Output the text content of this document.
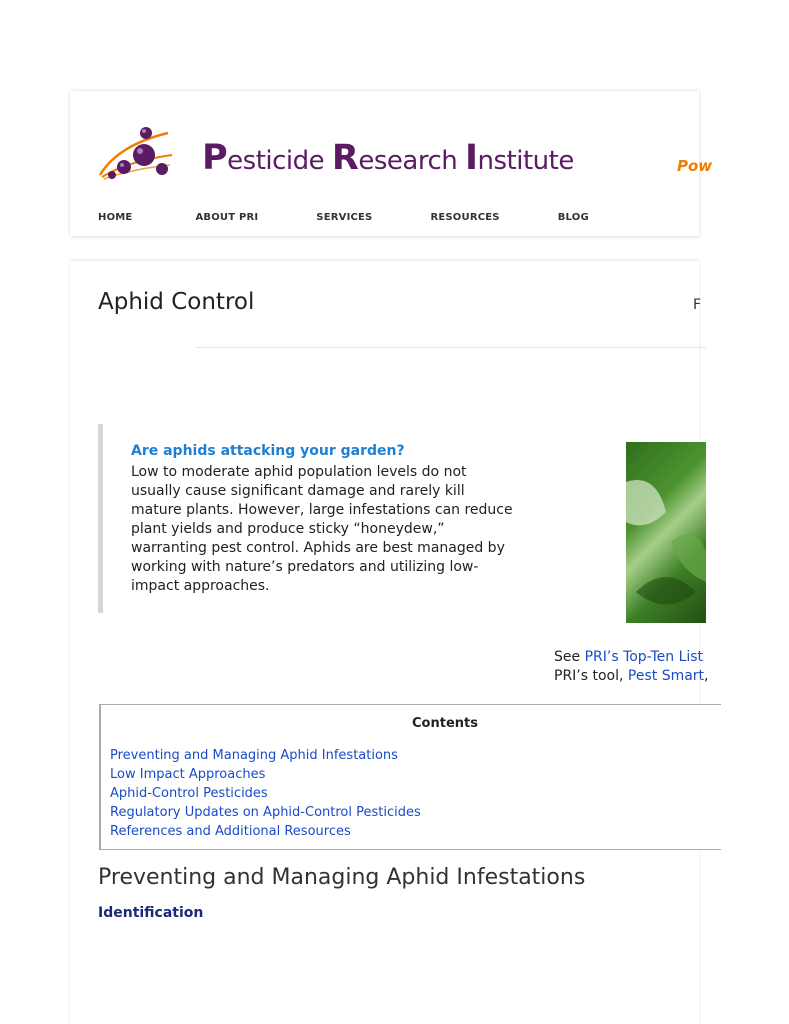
Pesticide Research Institute	Pow
HOME	ABOUT PRI	SERVICES	RESOURCES	BLOG
Aphid Control	F
Are aphids attacking your garden?
Low to moderate aphid population levels do not usually cause significant damage and rarely kill mature plants. However, large infestations can reduce plant yields and produce sticky “honeydew,” warranting pest control. Aphids are best managed by working with nature’s predators and utilizing low-impact approaches.
See PRI’s Top-Ten List
PRI’s tool, Pest Smart,
Contents
Preventing and Managing Aphid Infestations
Low Impact Approaches
Aphid-Control Pesticides
Regulatory Updates on Aphid-Control Pesticides
References and Additional Resources
Preventing and Managing Aphid Infestations
Identification
